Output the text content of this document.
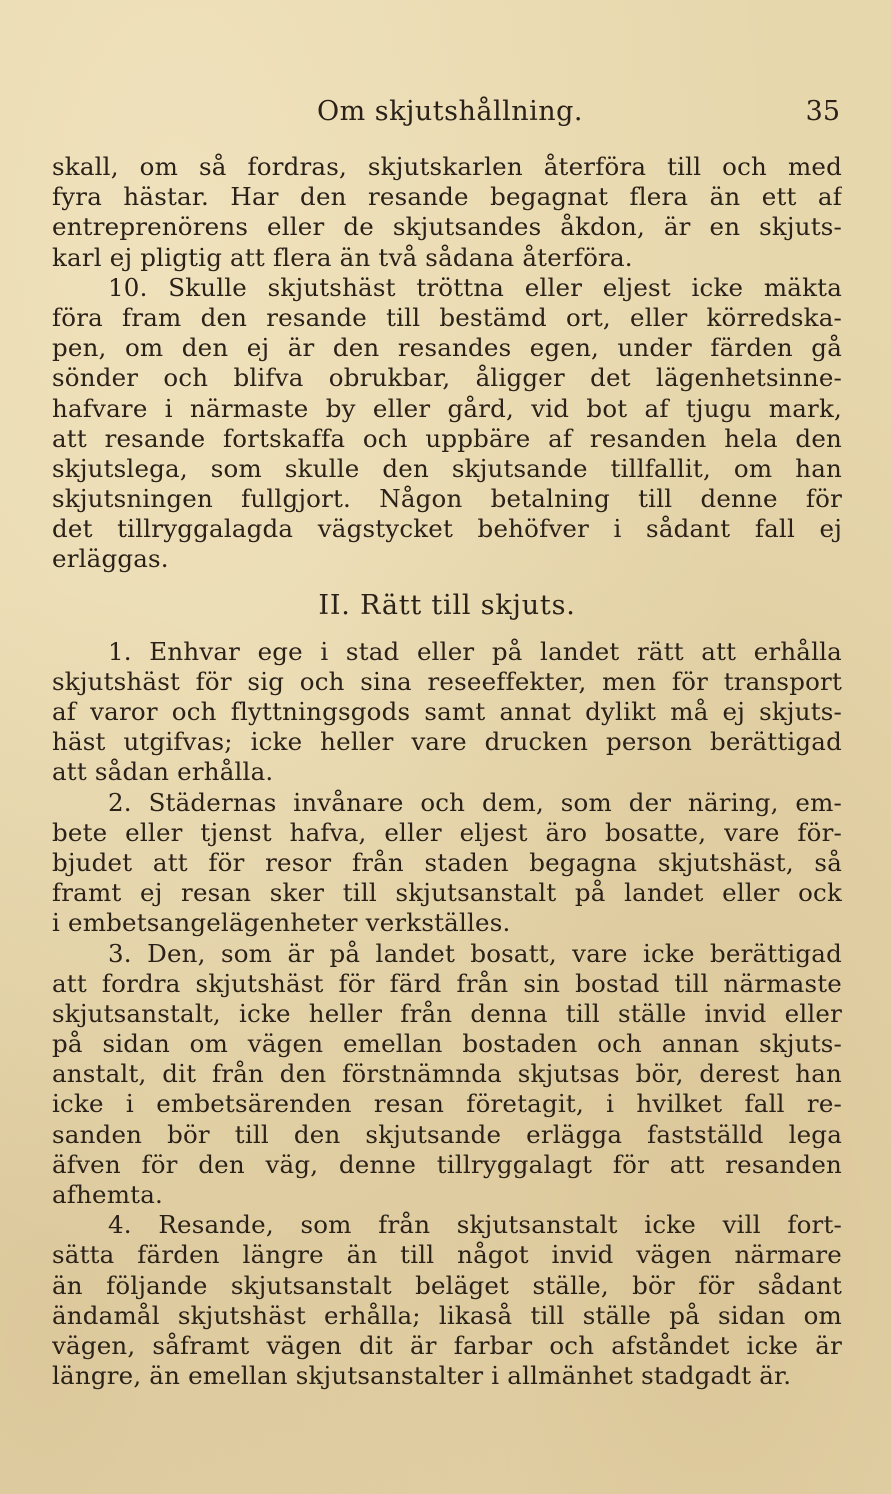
Om skjutshållning.	35
skall, om så fordras, skjutskarlen återföra till och med
fyra hästar. Har den resande begagnat flera än ett af
entreprenörens eller de skjutsandes åkdon, är en skjuts-
karl ej pligtig att flera än två sådana återföra.
10. Skulle skjutshäst tröttna eller eljest icke mäkta
föra fram den resande till bestämd ort, eller körredska-
pen, om den ej är den resandes egen, under färden gå
sönder och blifva obrukbar, åligger det lägenhetsinne-
hafvare i närmaste by eller gård, vid bot af tjugu mark,
att resande fortskaffa och uppbäre af resanden hela den
skjutslega, som skulle den skjutsande tillfallit, om han
skjutsningen fullgjort. Någon betalning till denne för
det tillryggalagda vägstycket behöfver i sådant fall ej
erläggas.
II. Rätt till skjuts.
1. Enhvar ege i stad eller på landet rätt att erhålla
skjutshäst för sig och sina reseeffekter, men för transport
af varor och flyttningsgods samt annat dylikt må ej skjuts-
häst utgifvas; icke heller vare drucken person berättigad
att sådan erhålla.
2. Städernas invånare och dem, som der näring, em-
bete eller tjenst hafva, eller eljest äro bosatte, vare för-
bjudet att för resor från staden begagna skjutshäst, så
framt ej resan sker till skjutsanstalt på landet eller ock
i embetsangelägenheter verkställes.
3. Den, som är på landet bosatt, vare icke berättigad
att fordra skjutshäst för färd från sin bostad till närmaste
skjutsanstalt, icke heller från denna till ställe invid eller
på sidan om vägen emellan bostaden och annan skjuts-
anstalt, dit från den förstnämnda skjutsas bör, derest han
icke i embetsärenden resan företagit, i hvilket fall re-
sanden bör till den skjutsande erlägga fastställd lega
äfven för den väg, denne tillryggalagt för att resanden
afhemta.
4. Resande, som från skjutsanstalt icke vill fort-
sätta färden längre än till något invid vägen närmare
än följande skjutsanstalt beläget ställe, bör för sådant
ändamål skjutshäst erhålla; likaså till ställe på sidan om
vägen, såframt vägen dit är farbar och afståndet icke är
längre, än emellan skjutsanstalter i allmänhet stadgadt är.
